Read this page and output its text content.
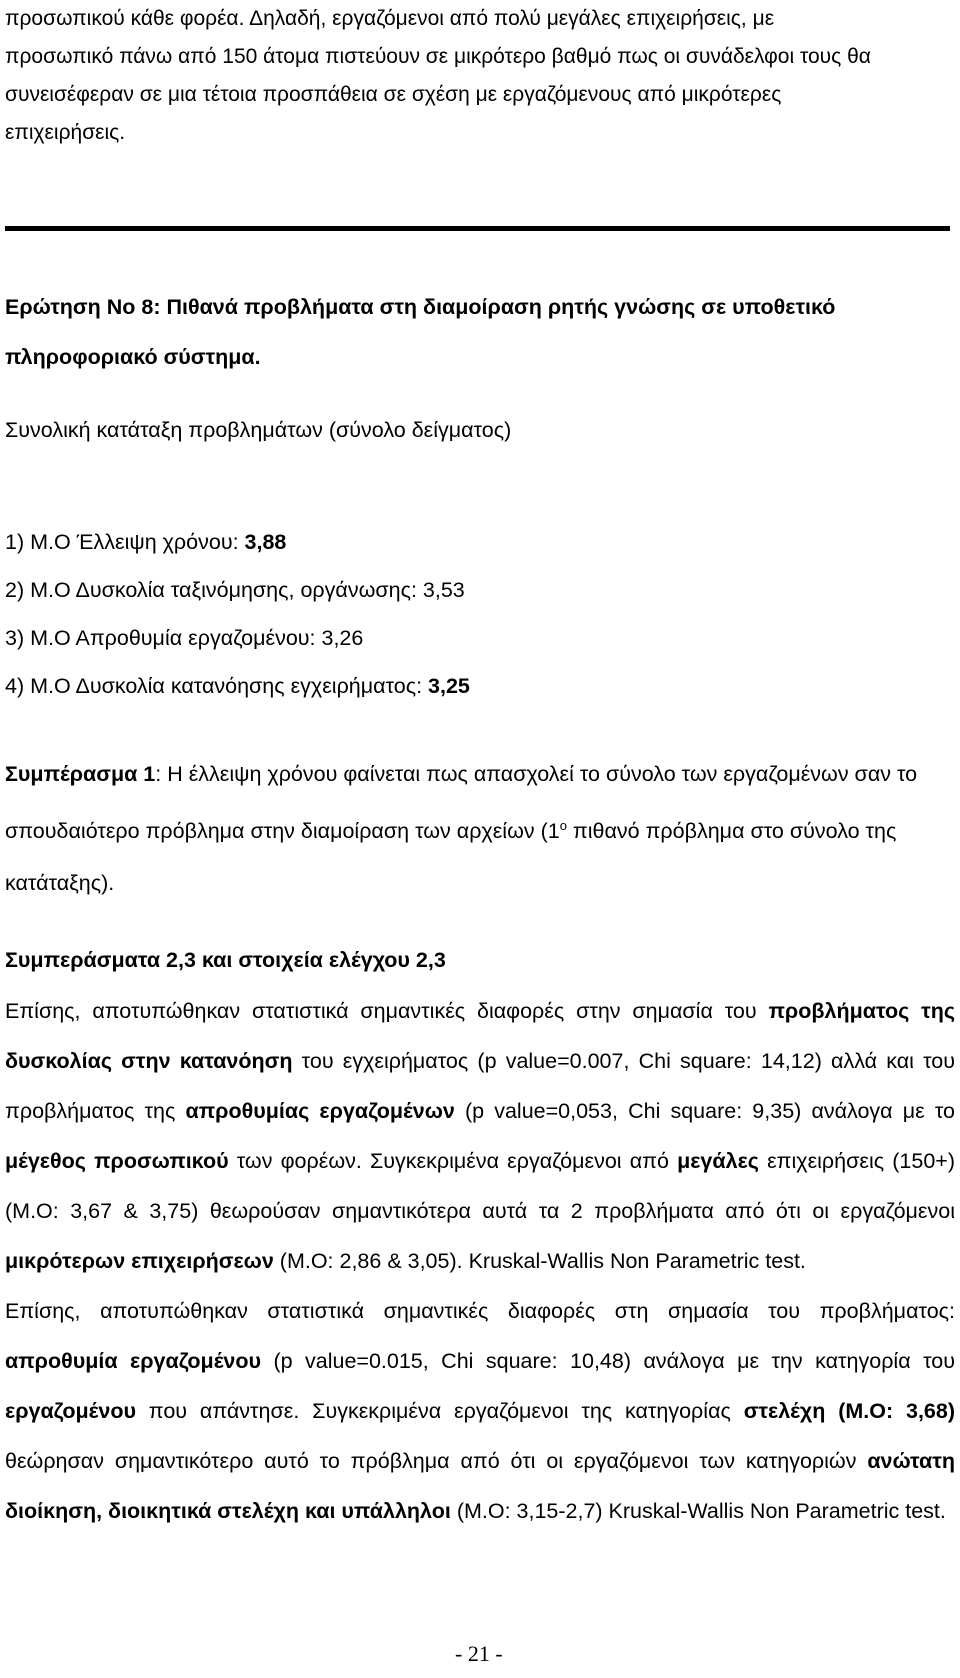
προσωπικού κάθε φορέα. Δηλαδή, εργαζόμενοι από πολύ μεγάλες επιχειρήσεις, με
προσωπικό πάνω από 150 άτομα πιστεύουν σε μικρότερο βαθμό πως οι συνάδελφοι τους θα
συνεισέφεραν σε μια τέτοια προσπάθεια σε σχέση με εργαζόμενους από μικρότερες
επιχειρήσεις.
Ερώτηση Νο 8: Πιθανά προβλήματα στη διαμοίραση ρητής γνώσης σε υποθετικό πληροφοριακό σύστημα.
Συνολική κατάταξη προβλημάτων (σύνολο δείγματος)
1) Μ.Ο Έλλειψη χρόνου: 3,88
2) Μ.Ο Δυσκολία ταξινόμησης, οργάνωσης: 3,53
3) Μ.Ο Απροθυμία εργαζομένου: 3,26
4) Μ.Ο Δυσκολία κατανόησης εγχειρήματος: 3,25
Συμπέρασμα 1: Η έλλειψη χρόνου φαίνεται πως απασχολεί το σύνολο των εργαζομένων σαν το σπουδαιότερο πρόβλημα στην διαμοίραση των αρχείων ($1^o$ πιθανό πρόβλημα στο σύνολο της κατάταξης).
Συμπεράσματα 2,3 και στοιχεία ελέγχου 2,3

Επίσης, αποτυπώθηκαν στατιστικά σημαντικές διαφορές στην σημασία του προβλήματος της δυσκολίας στην κατανόηση του εγχειρήματος (p value=0.007, Chi square: 14,12) αλλά και του προβλήματος της απροθυμίας εργαζομένων (p value=0,053, Chi square: 9,35) ανάλογα με το μέγεθος προσωπικού των φορέων. Συγκεκριμένα εργαζόμενοι από μεγάλες επιχειρήσεις (150+) (Μ.Ο: 3,67 & 3,75) θεωρούσαν σημαντικότερα αυτά τα 2 προβλήματα από ότι οι εργαζόμενοι μικρότερων επιχειρήσεων (Μ.Ο: 2,86 & 3,05). Kruskal-Wallis Non Parametric test.

Επίσης, αποτυπώθηκαν στατιστικά σημαντικές διαφορές στη σημασία του προβλήματος: απροθυμία εργαζομένου (p value=0.015, Chi square: 10,48) ανάλογα με την κατηγορία του εργαζομένου που απάντησε. Συγκεκριμένα εργαζόμενοι της κατηγορίας στελέχη (Μ.Ο: 3,68) θεώρησαν σημαντικότερο αυτό το πρόβλημα από ότι οι εργαζόμενοι των κατηγοριών ανώτατη διοίκηση, διοικητικά στελέχη και υπάλληλοι (Μ.Ο: 3,15-2,7) Kruskal-Wallis Non Parametric test.

- 21 -
